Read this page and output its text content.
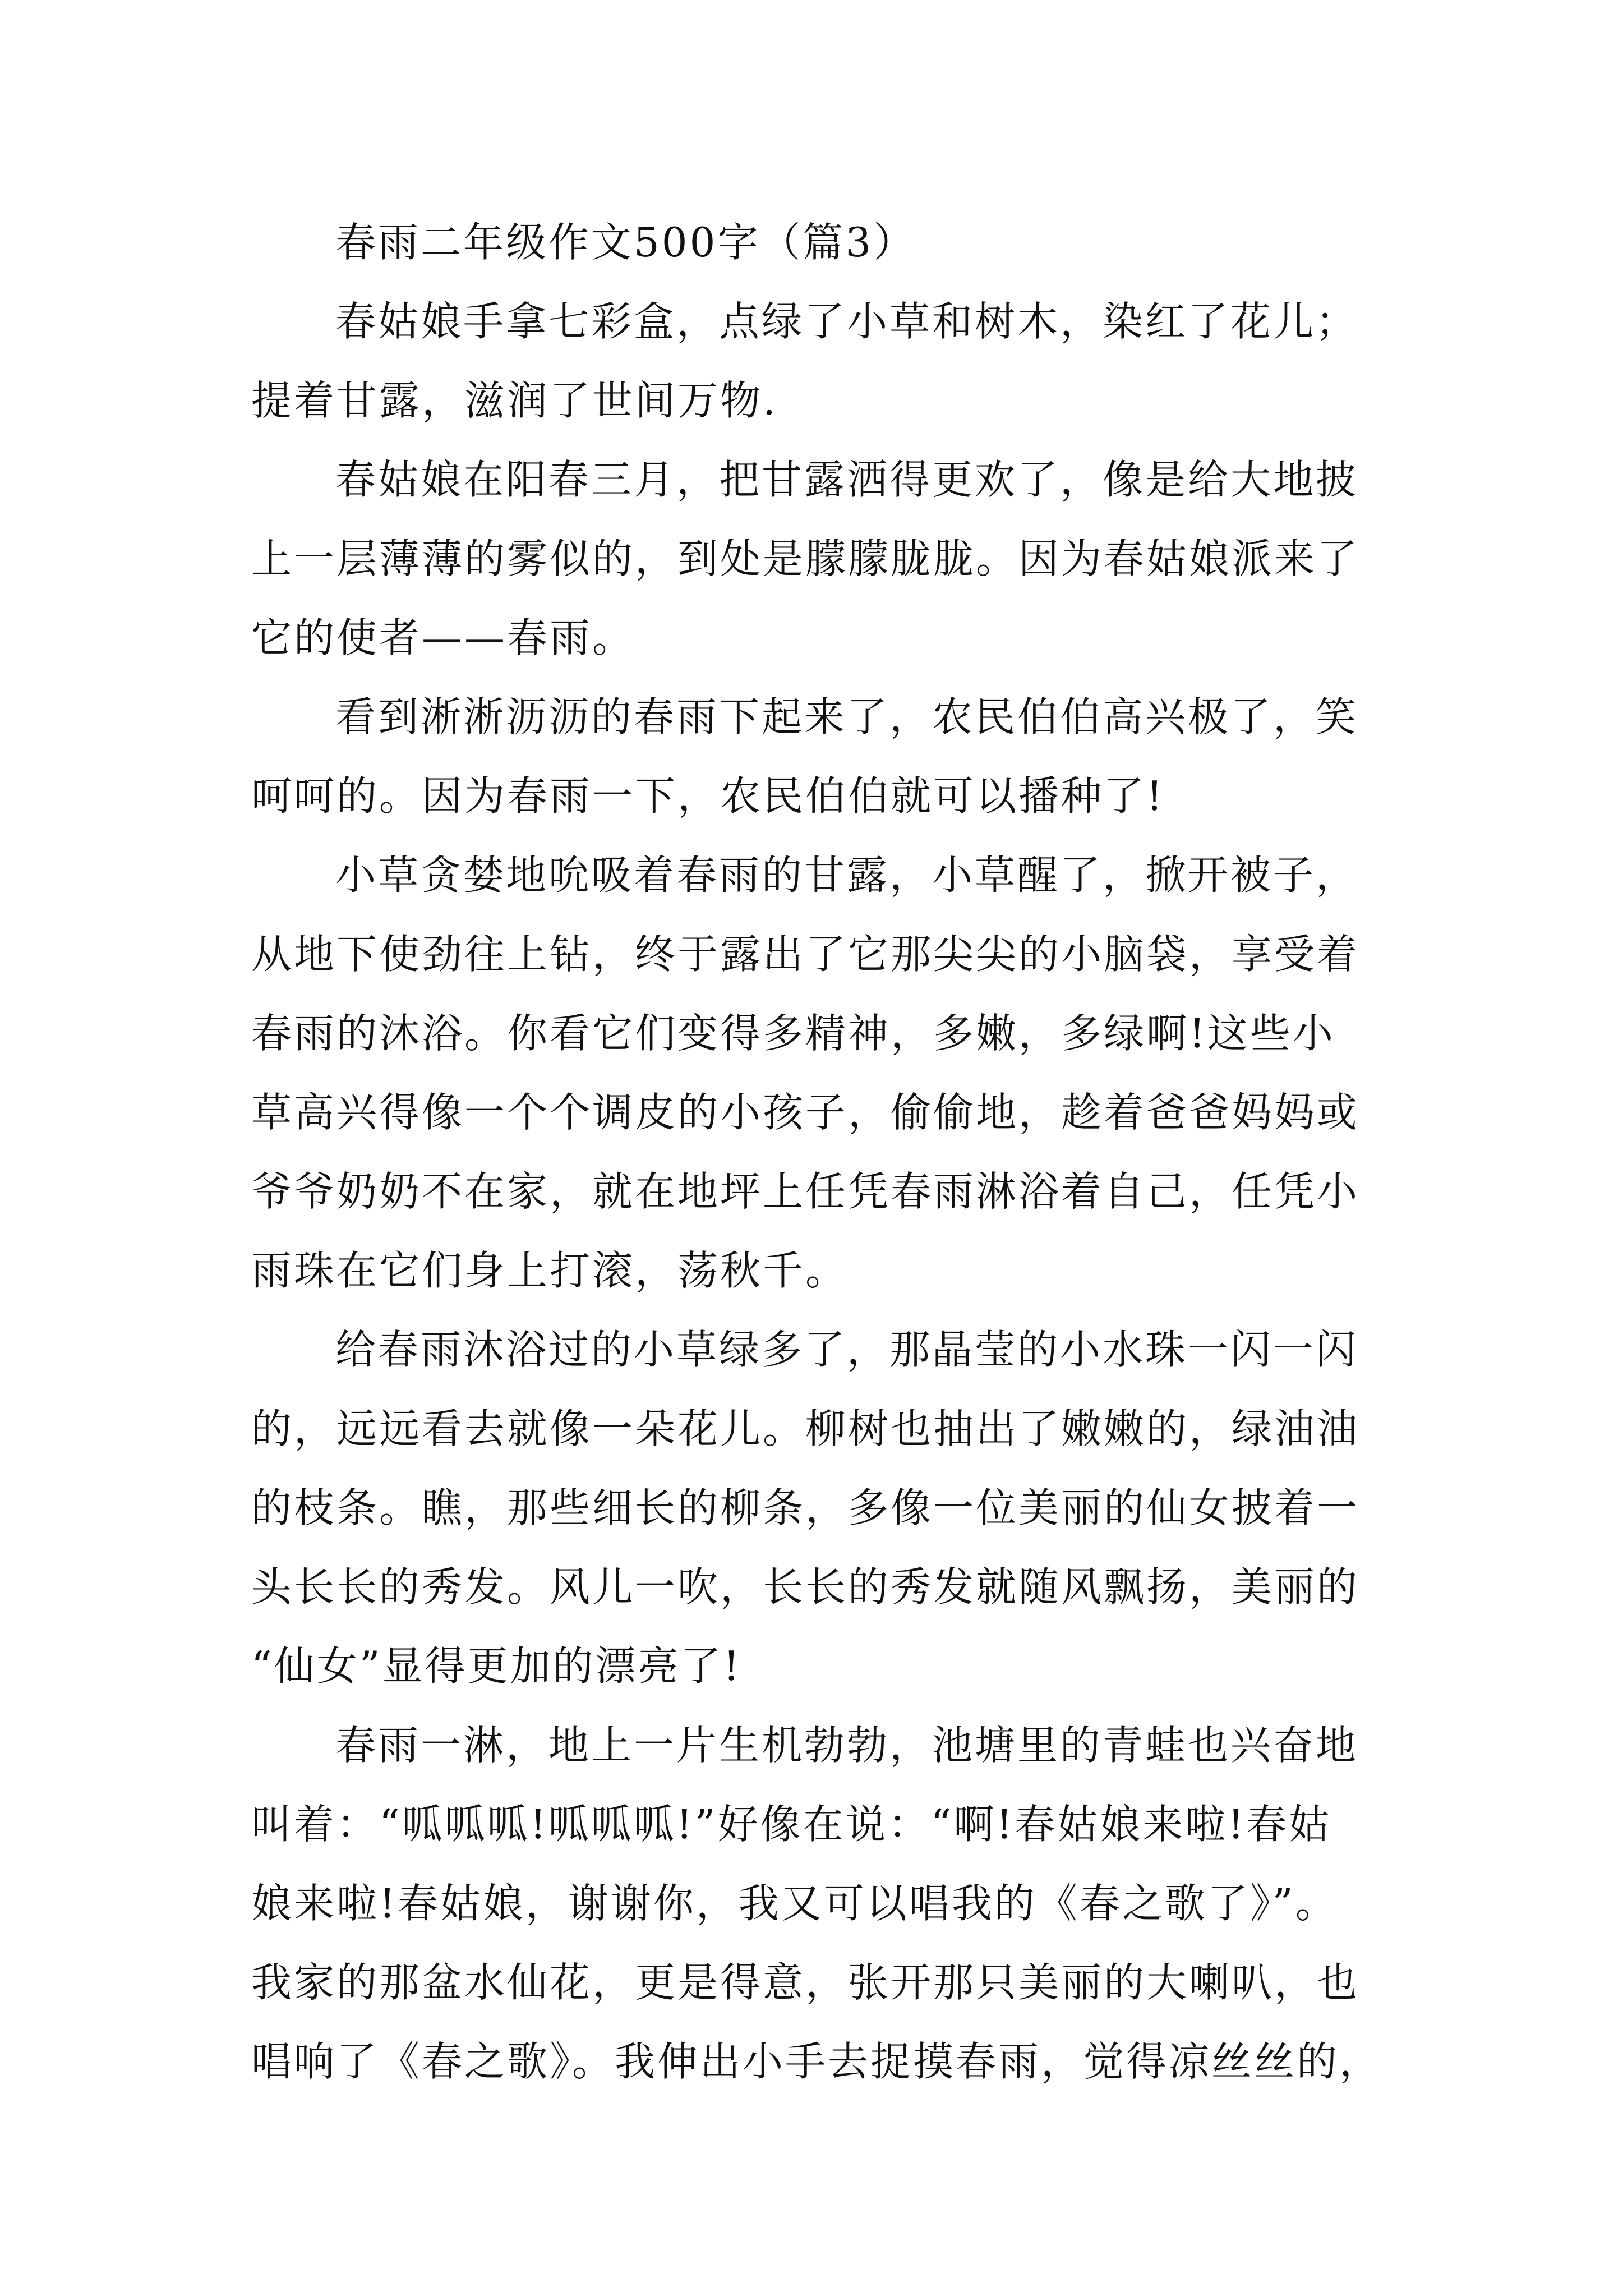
春雨二年级作文500字（篇3）
春姑娘手拿七彩盒，点绿了小草和树木，染红了花儿；
提着甘露，滋润了世间万物.
春姑娘在阳春三月，把甘露洒得更欢了，像是给大地披
上一层薄薄的雾似的，到处是朦朦胧胧。因为春姑娘派来了
它的使者——春雨。
看到淅淅沥沥的春雨下起来了，农民伯伯高兴极了，笑
呵呵的。因为春雨一下，农民伯伯就可以播种了!
小草贪婪地吮吸着春雨的甘露，小草醒了，掀开被子，
从地下使劲往上钻，终于露出了它那尖尖的小脑袋，享受着
春雨的沐浴。你看它们变得多精神，多嫩，多绿啊!这些小
草高兴得像一个个调皮的小孩子，偷偷地，趁着爸爸妈妈或
爷爷奶奶不在家，就在地坪上任凭春雨淋浴着自己，任凭小
雨珠在它们身上打滚，荡秋千。
给春雨沐浴过的小草绿多了，那晶莹的小水珠一闪一闪
的，远远看去就像一朵花儿。柳树也抽出了嫩嫩的，绿油油
的枝条。瞧，那些细长的柳条，多像一位美丽的仙女披着一
头长长的秀发。风儿一吹，长长的秀发就随风飘扬，美丽的
“仙女”显得更加的漂亮了!
春雨一淋，地上一片生机勃勃，池塘里的青蛙也兴奋地
叫着：“呱呱呱!呱呱呱!”好像在说：“啊!春姑娘来啦!春姑
娘来啦!春姑娘，谢谢你，我又可以唱我的《春之歌了》”。
我家的那盆水仙花，更是得意，张开那只美丽的大喇叭，也
唱响了《春之歌》。我伸出小手去捉摸春雨，觉得凉丝丝的，
